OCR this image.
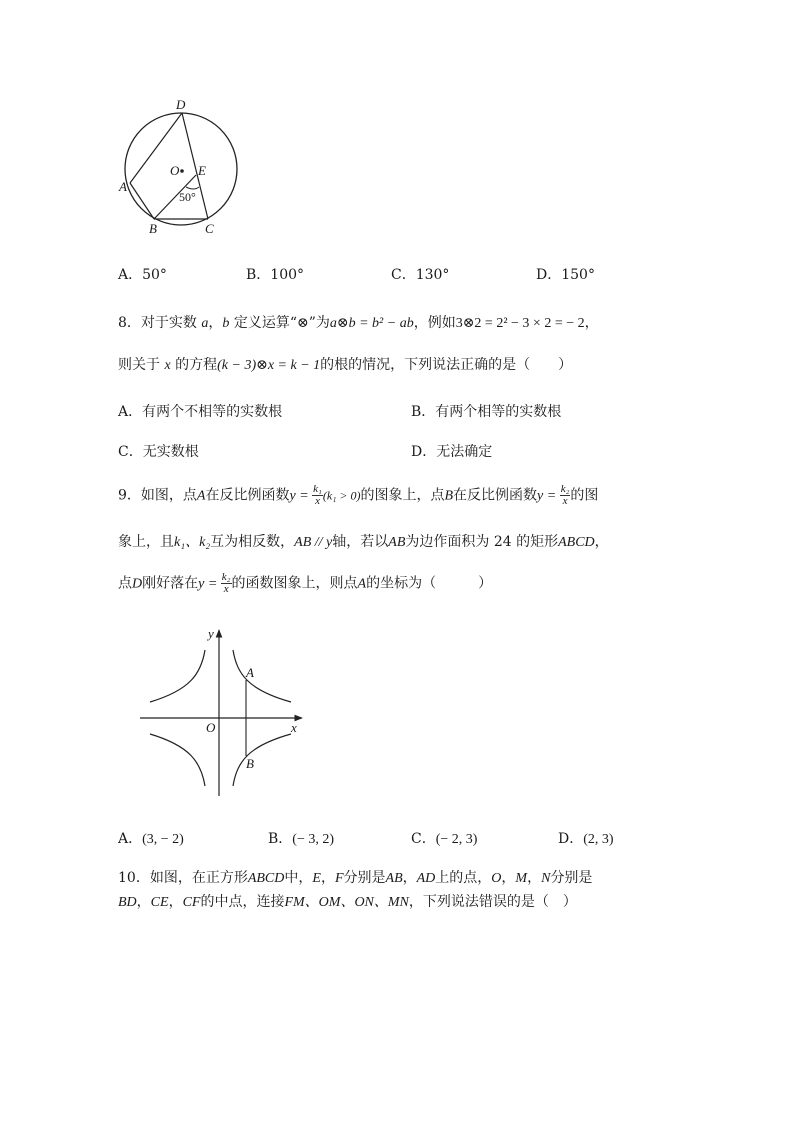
D
O E
A
50°
B	C
A．50°	B．100°	C．130°	D．150°
8．对于实数 a，b 定义运算“⊗”为a⊗b = b² − ab，例如3⊗2 = 2² − 3 × 2 = − 2，
则关于 x 的方程(k − 3)⊗x = k − 1的根的情况，下列说法正确的是（　　）
A．有两个不相等的实数根	B．有两个相等的实数根
C．无实数根	D．无法确定
9．如图，点A在反比例函数$y = \frac{\text{k₁}}{x} (k_1 > 0)$的图象上，点B在反比例函数$y = \frac{\text{k₂}}{x}$ 的图
象上，且k₁、k₂互为相反数，AB // y轴，若以AB为边作面积为 24 的矩形ABCD，
点D刚好落在$y = \frac{\text{k₂}}{x}$ 的函数图象上，则点A的坐标为（　　　）
y
A
O	x
B
A．(3, − 2)	B．(− 3, 2)	C．(− 2, 3)	D．(2, 3)
10．如图，在正方形ABCD中，E，F分别是AB，AD上的点，O，M，N分别是
BD，CE，CF的中点，连接FM、OM、ON、MN，下列说法错误的是（　）
